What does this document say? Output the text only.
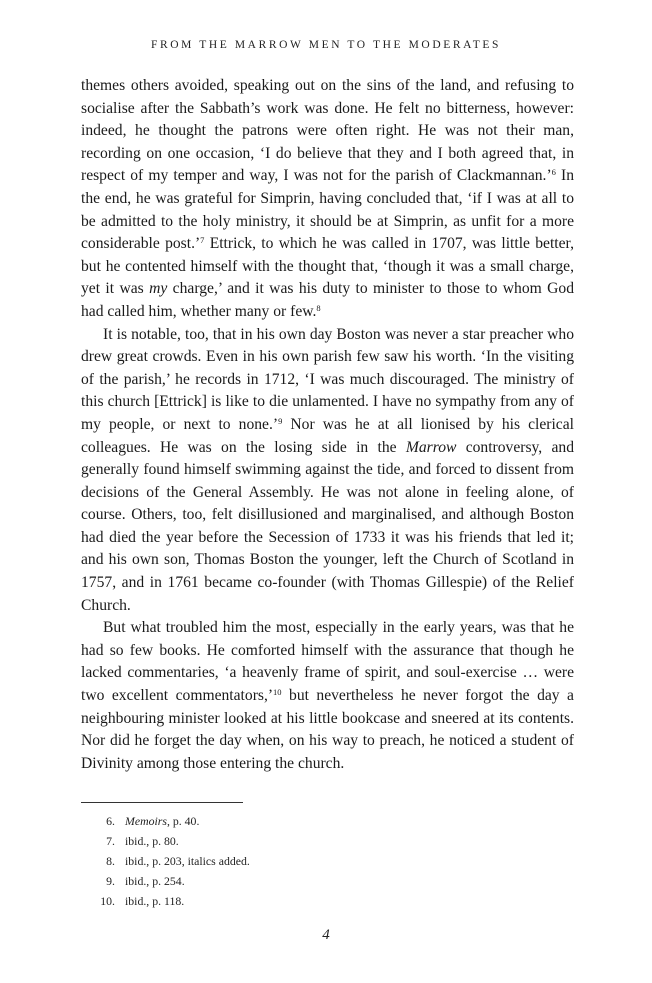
FROM THE MARROW MEN TO THE MODERATES

themes others avoided, speaking out on the sins of the land, and refusing to socialise after the Sabbath’s work was done. He felt no bitterness, however: indeed, he thought the patrons were often right. He was not their man, recording on one occasion, ‘I do believe that they and I both agreed that, in respect of my temper and way, I was not for the parish of Clackmannan.’$^6$ In the end, he was grateful for Simprin, having concluded that, ‘if I was at all to be admitted to the holy ministry, it should be at Simprin, as unfit for a more considerable post.’$^7$ Ettrick, to which he was called in 1707, was little better, but he contented himself with the thought that, ‘though it was a small charge, yet it was my charge,’ and it was his duty to minister to those to whom God had called him, whether many or few.$^8$

It is notable, too, that in his own day Boston was never a star preacher who drew great crowds. Even in his own parish few saw his worth. ‘In the visiting of the parish,’ he records in 1712, ‘I was much discouraged. The ministry of this church [Ettrick] is like to die unlamented. I have no sympathy from any of my people, or next to none.’$^9$ Nor was he at all lionised by his clerical colleagues. He was on the losing side in the Marrow controversy, and generally found himself swimming against the tide, and forced to dissent from decisions of the General Assembly. He was not alone in feeling alone, of course. Others, too, felt disillusioned and marginalised, and although Boston had died the year before the Secession of 1733 it was his friends that led it; and his own son, Thomas Boston the younger, left the Church of Scotland in 1757, and in 1761 became co-founder (with Thomas Gillespie) of the Relief Church.

But what troubled him the most, especially in the early years, was that he had so few books. He comforted himself with the assurance that though he lacked commentaries, ‘a heavenly frame of spirit, and soul-exercise … were two excellent commentators,’$^{10}$ but nevertheless he never forgot the day a neighbouring minister looked at his little bookcase and sneered at its contents. Nor did he forget the day when, on his way to preach, he noticed a student of Divinity among those entering the church.

6. Memoirs, p. 40.
7. ibid., p. 80.
8. ibid., p. 203, italics added.
9. ibid., p. 254.
10. ibid., p. 118.
4
